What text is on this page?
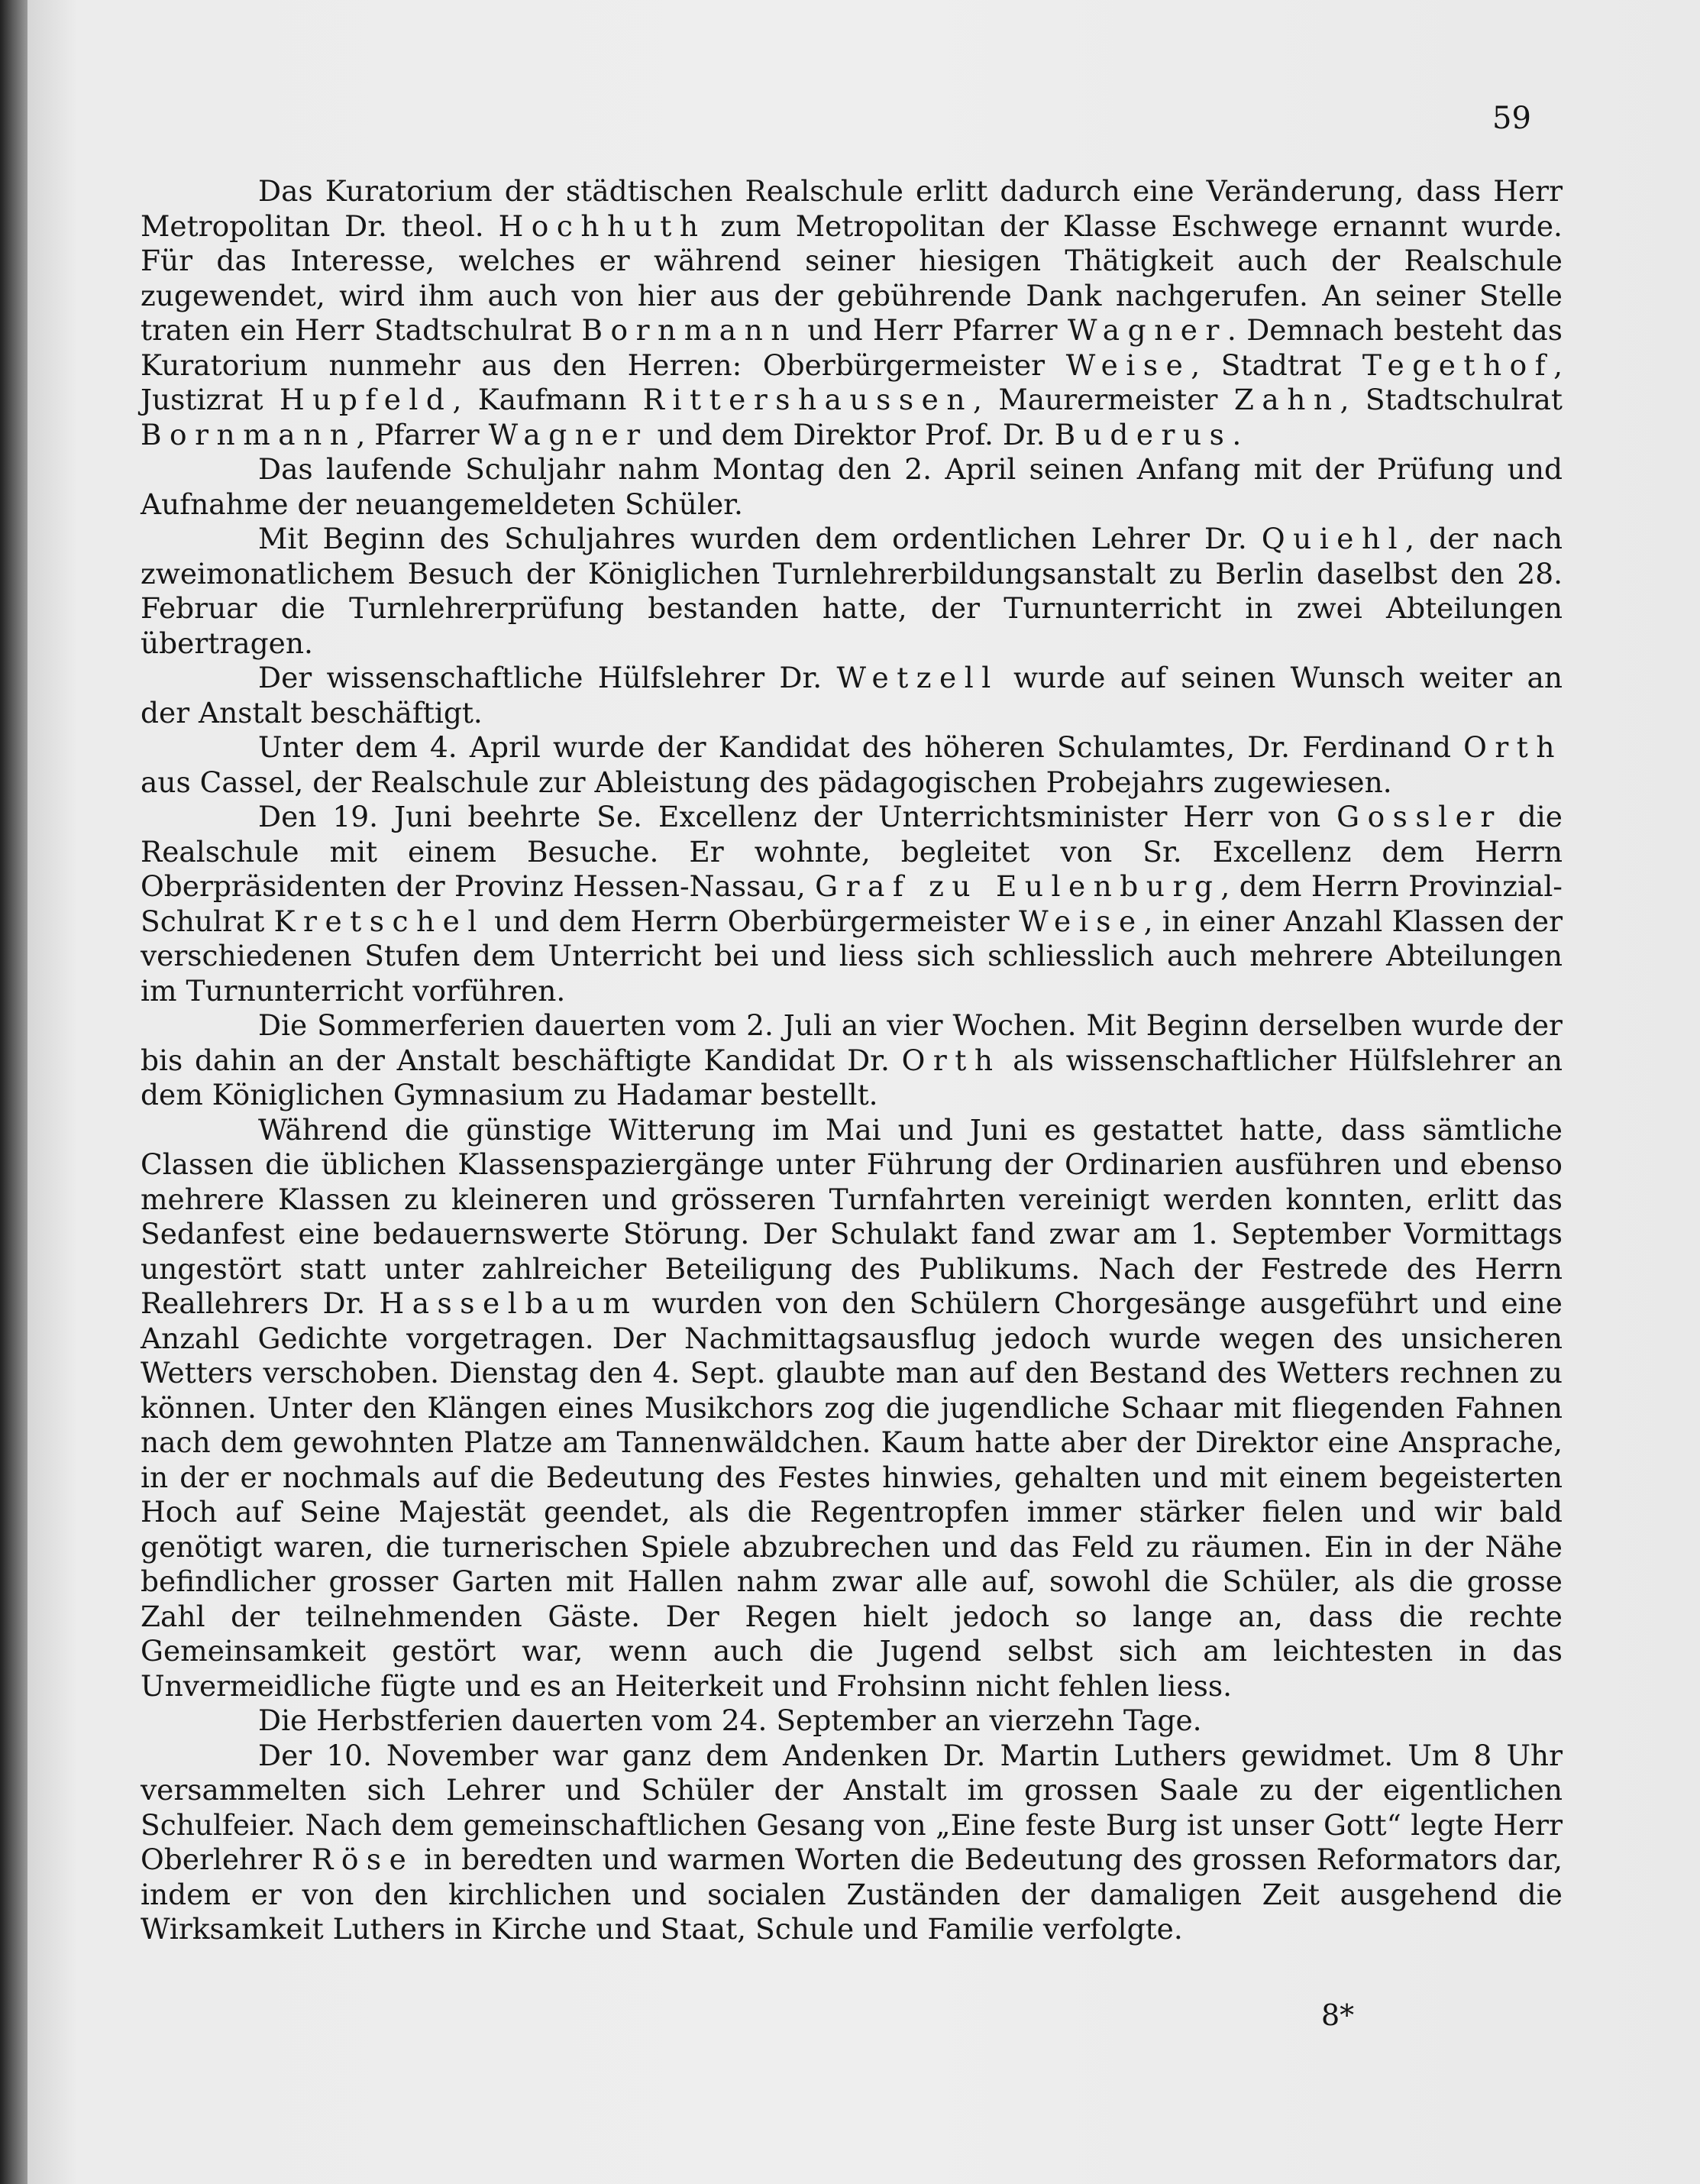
59

Das Kuratorium der städtischen Realschule erlitt dadurch eine Veränderung, dass Herr Metropolitan Dr. theol. Hochhuth zum Metropolitan der Klasse Eschwege ernannt wurde. Für das Interesse, welches er während seiner hiesigen Thätigkeit auch der Realschule zugewendet, wird ihm auch von hier aus der gebührende Dank nachgerufen. An seiner Stelle traten ein Herr Stadtschulrat Bornmann und Herr Pfarrer Wagner. Demnach besteht das Kuratorium nunmehr aus den Herren: Oberbürgermeister Weise, Stadtrat Tegethof, Justizrat Hupfeld, Kaufmann Rittershaussen, Maurermeister Zahn, Stadtschulrat Bornmann, Pfarrer Wagner und dem Direktor Prof. Dr. Buderus.

Das laufende Schuljahr nahm Montag den 2. April seinen Anfang mit der Prüfung und Aufnahme der neuangemeldeten Schüler.

Mit Beginn des Schuljahres wurden dem ordentlichen Lehrer Dr. Quiehl, der nach zweimonatlichem Besuch der Königlichen Turnlehrerbildungsanstalt zu Berlin daselbst den 28. Februar die Turnlehrerprüfung bestanden hatte, der Turnunterricht in zwei Abteilungen übertragen.

Der wissenschaftliche Hülfslehrer Dr. Wetzell wurde auf seinen Wunsch weiter an der Anstalt beschäftigt.

Unter dem 4. April wurde der Kandidat des höheren Schulamtes, Dr. Ferdinand Orth aus Cassel, der Realschule zur Ableistung des pädagogischen Probejahrs zugewiesen.

Den 19. Juni beehrte Se. Excellenz der Unterrichtsminister Herr von Gossler die Realschule mit einem Besuche. Er wohnte, begleitet von Sr. Excellenz dem Herrn Oberpräsidenten der Provinz Hessen-Nassau, Graf zu Eulenburg, dem Herrn Provinzial-Schulrat Kretschel und dem Herrn Oberbürgermeister Weise, in einer Anzahl Klassen der verschiedenen Stufen dem Unterricht bei und liess sich schliesslich auch mehrere Abteilungen im Turnunterricht vorführen.

Die Sommerferien dauerten vom 2. Juli an vier Wochen. Mit Beginn derselben wurde der bis dahin an der Anstalt beschäftigte Kandidat Dr. Orth als wissenschaftlicher Hülfslehrer an dem Königlichen Gymnasium zu Hadamar bestellt.

Während die günstige Witterung im Mai und Juni es gestattet hatte, dass sämtliche Classen die üblichen Klassenspaziergänge unter Führung der Ordinarien ausführen und ebenso mehrere Klassen zu kleineren und grösseren Turnfahrten vereinigt werden konnten, erlitt das Sedanfest eine bedauernswerte Störung. Der Schulakt fand zwar am 1. September Vormittags ungestört statt unter zahlreicher Beteiligung des Publikums. Nach der Festrede des Herrn Reallehrers Dr. Hasselbaum wurden von den Schülern Chorgesänge ausgeführt und eine Anzahl Gedichte vorgetragen. Der Nachmittagsausflug jedoch wurde wegen des unsicheren Wetters verschoben. Dienstag den 4. Sept. glaubte man auf den Bestand des Wetters rechnen zu können. Unter den Klängen eines Musikchors zog die jugendliche Schaar mit fliegenden Fahnen nach dem gewohnten Platze am Tannenwäldchen. Kaum hatte aber der Direktor eine Ansprache, in der er nochmals auf die Bedeutung des Festes hinwies, gehalten und mit einem begeisterten Hoch auf Seine Majestät geendet, als die Regentropfen immer stärker fielen und wir bald genötigt waren, die turnerischen Spiele abzubrechen und das Feld zu räumen. Ein in der Nähe befindlicher grosser Garten mit Hallen nahm zwar alle auf, sowohl die Schüler, als die grosse Zahl der teilnehmenden Gäste. Der Regen hielt jedoch so lange an, dass die rechte Gemeinsamkeit gestört war, wenn auch die Jugend selbst sich am leichtesten in das Unvermeidliche fügte und es an Heiterkeit und Frohsinn nicht fehlen liess.

Die Herbstferien dauerten vom 24. September an vierzehn Tage.

Der 10. November war ganz dem Andenken Dr. Martin Luthers gewidmet. Um 8 Uhr versammelten sich Lehrer und Schüler der Anstalt im grossen Saale zu der eigentlichen Schulfeier. Nach dem gemeinschaftlichen Gesang von „Eine feste Burg ist unser Gott“ legte Herr Oberlehrer Röse in beredten und warmen Worten die Bedeutung des grossen Reformators dar, indem er von den kirchlichen und socialen Zuständen der damaligen Zeit ausgehend die Wirksamkeit Luthers in Kirche und Staat, Schule und Familie verfolgte.

8*
